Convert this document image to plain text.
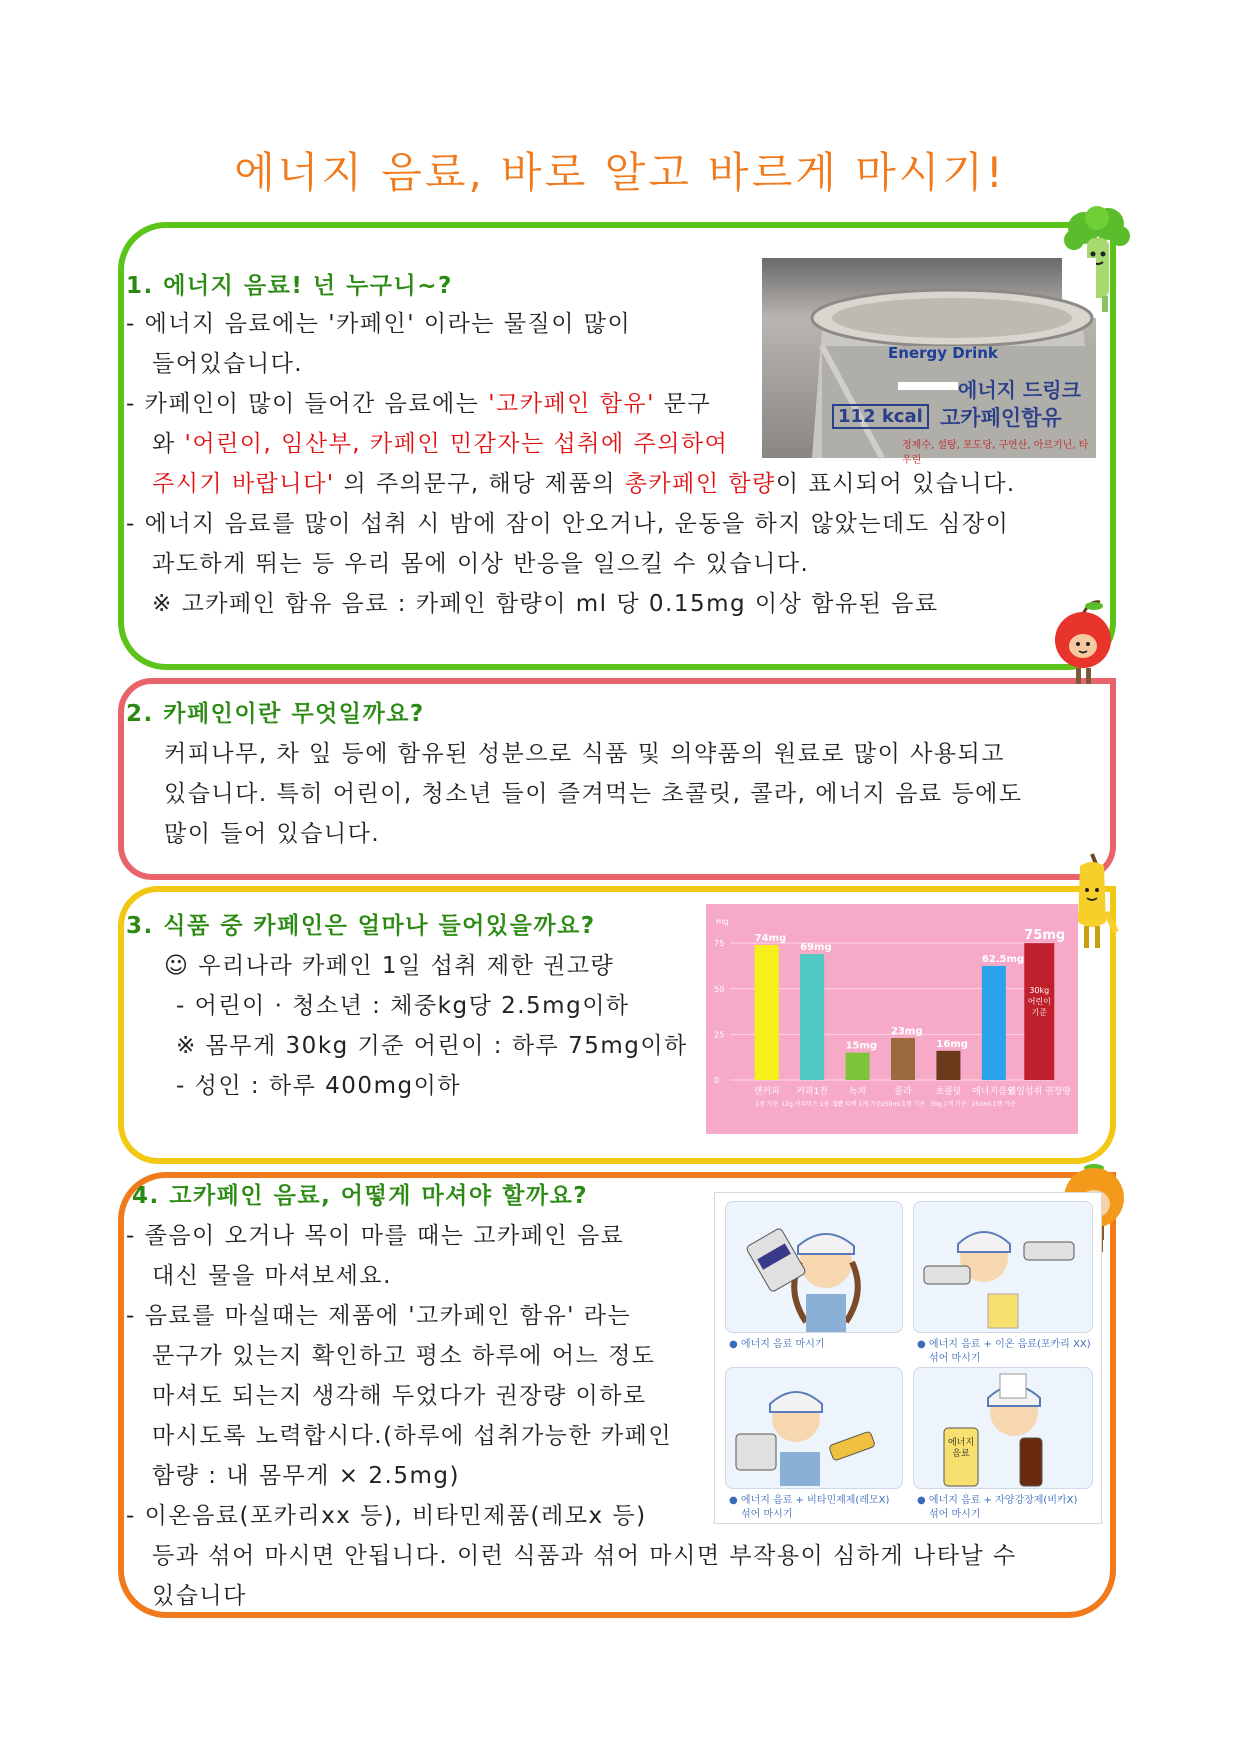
에너지 음료, 바로 알고 바르게 마시기!
1. 에너지 음료! 넌 누구니~?
- 에너지 음료에는 '카페인' 이라는 물질이 많이
들어있습니다.
- 카페인이 많이 들어간 음료에는 '고카페인 함유' 문구
와 '어린이, 임산부, 카페인 민감자는 섭취에 주의하여
주시기 바랍니다' 의 주의문구, 해당 제품의 총카페인 함량이 표시되어 있습니다.
- 에너지 음료를 많이 섭취 시 밤에 잠이 안오거나, 운동을 하지 않았는데도 심장이
과도하게 뛰는 등 우리 몸에 이상 반응을 일으킬 수 있습니다.
※ 고카페인 함유 음료 : 카페인 함량이 ml 당 0.15mg 이상 함유된 음료
Energy Drink
에너지 드링크
112 kcal 고카페인함유
정제수, 설탕, 포도당, 구연산, 아르기닌, 타우린
2. 카페인이란 무엇일까요?
커피나무, 차 잎 등에 함유된 성분으로 식품 및 의약품의 원료로 많이 사용되고
있습니다. 특히 어린이, 청소년 들이 즐겨먹는 초콜릿, 콜라, 에너지 음료 등에도
많이 들어 있습니다.
3. 식품 중 카페인은 얼마나 들어있을까요?
☺ 우리나라 카페인 1일 섭취 제한 권고량
- 어린이 · 청소년 : 체중kg당 2.5mg이하
※ 몸무게 30kg 기준 어린이 : 하루 75mg이하
- 성인 : 하루 400mg이하
mg
75
50
25
0
74mg
캔커피
1캔 기준
69mg
커피1잔
12g,커피믹스 1봉 기준
15mg
녹차
1잔,티백 1개 기준
23mg
콜라
250ml,1캔 기준
16mg
초콜릿
30g,1개 기준
62.5mg
에너지음료
250ml,1캔 기준
75mg
일일섭취 권장량
30kg
어린이
기준
4. 고카페인 음료, 어떻게 마셔야 할까요?
- 졸음이 오거나 목이 마를 때는 고카페인 음료
대신 물을 마셔보세요.
- 음료를 마실때는 제품에 '고카페인 함유' 라는
문구가 있는지 확인하고 평소 하루에 어느 정도
마셔도 되는지 생각해 두었다가 권장량 이하로
마시도록 노력합시다.(하루에 섭취가능한 카페인
함량 : 내 몸무게 × 2.5mg)
- 이온음료(포카리xx 등), 비타민제품(레모x 등)
등과 섞어 마시면 안됩니다. 이런 식품과 섞어 마시면 부작용이 심하게 나타날 수
있습니다
● 에너지 음료 마시기	● 에너지 음료 + 이온 음료(포카리 XX)
섞어 마시기
에너지음료
● 에너지 음료 + 비타민제제(레모X)
섞어 마시기
● 에너지 음료 + 자양강장제(비카X)
섞어 마시기
